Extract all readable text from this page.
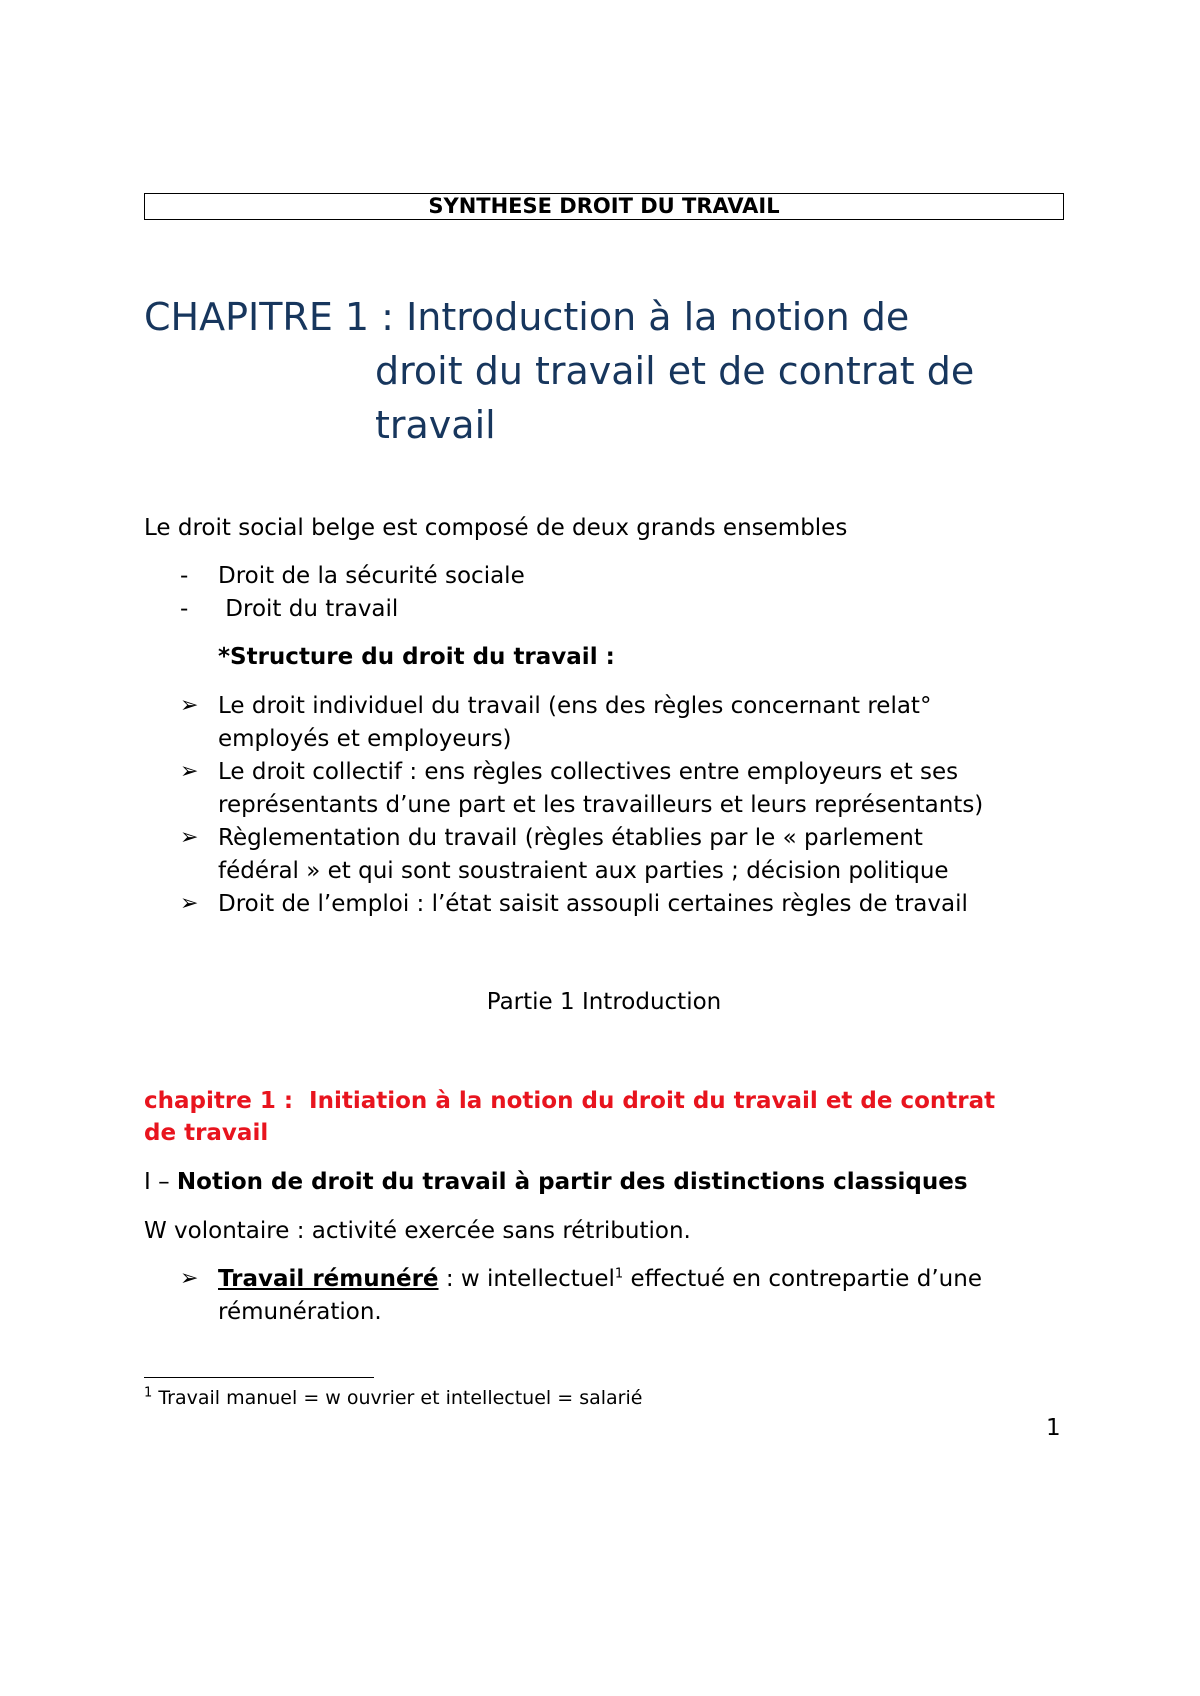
SYNTHESE DROIT DU TRAVAIL
CHAPITRE 1 : Introduction à la notion de
droit du travail et de contrat de
travail
Le droit social belge est composé de deux grands ensembles
- Droit de la sécurité sociale
- Droit du travail
*Structure du droit du travail :
➢ Le droit individuel du travail (ens des règles concernant relat°
employés et employeurs)
➢ Le droit collectif : ens règles collectives entre employeurs et ses
représentants d’une part et les travailleurs et leurs représentants)
➢ Règlementation du travail (règles établies par le « parlement
fédéral » et qui sont soustraient aux parties ; décision politique
➢ Droit de l’emploi : l’état saisit assoupli certaines règles de travail
Partie 1 Introduction
chapitre 1 :  Initiation à la notion du droit du travail et de contrat
de travail
I – Notion de droit du travail à partir des distinctions classiques
W volontaire : activité exercée sans rétribution.
➢ Travail rémunéré : w intellectuel$^1$ effectué en contrepartie d’une
rémunération.
$^1$ Travail manuel = w ouvrier et intellectuel = salarié
1
